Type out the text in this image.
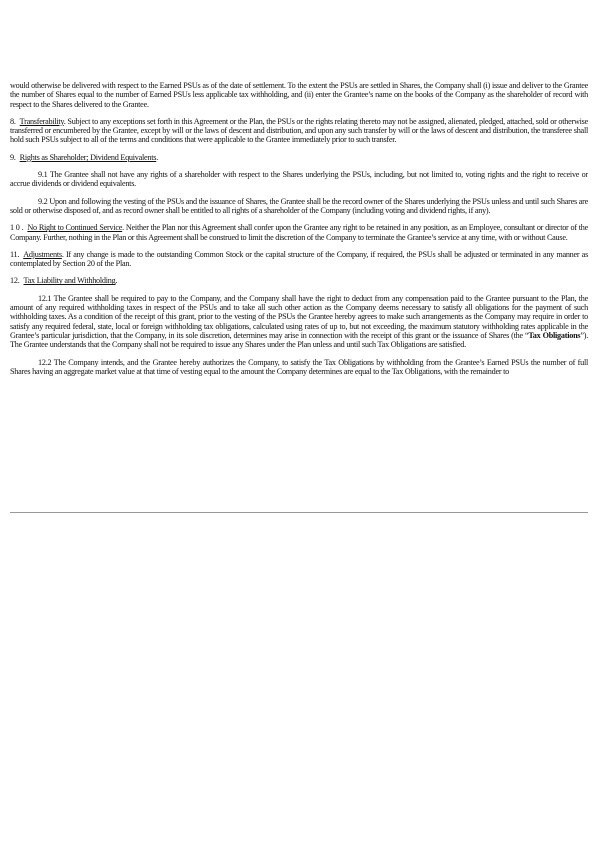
would otherwise be delivered with respect to the Earned PSUs as of the date of settlement. To the extent the PSUs are settled in Shares, the Company shall (i) issue and deliver to the Grantee the number of Shares equal to the number of Earned PSUs less applicable tax withholding, and (ii) enter the Grantee’s name on the books of the Company as the shareholder of record with respect to the Shares delivered to the Grantee.

8. Transferability. Subject to any exceptions set forth in this Agreement or the Plan, the PSUs or the rights relating thereto may not be assigned, alienated, pledged, attached, sold or otherwise transferred or encumbered by the Grantee, except by will or the laws of descent and distribution, and upon any such transfer by will or the laws of descent and distribution, the transferee shall hold such PSUs subject to all of the terms and conditions that were applicable to the Grantee immediately prior to such transfer.

9. Rights as Shareholder; Dividend Equivalents.

9.1 The Grantee shall not have any rights of a shareholder with respect to the Shares underlying the PSUs, including, but not limited to, voting rights and the right to receive or accrue dividends or dividend equivalents.

9.2 Upon and following the vesting of the PSUs and the issuance of Shares, the Grantee shall be the record owner of the Shares underlying the PSUs unless and until such Shares are sold or otherwise disposed of, and as record owner shall be entitled to all rights of a shareholder of the Company (including voting and dividend rights, if any).

1 0 . No Right to Continued Service. Neither the Plan nor this Agreement shall confer upon the Grantee any right to be retained in any position, as an Employee, consultant or director of the Company. Further, nothing in the Plan or this Agreement shall be construed to limit the discretion of the Company to terminate the Grantee’s service at any time, with or without Cause.

11. Adjustments. If any change is made to the outstanding Common Stock or the capital structure of the Company, if required, the PSUs shall be adjusted or terminated in any manner as contemplated by Section 20 of the Plan.

12. Tax Liability and Withholding.

12.1 The Grantee shall be required to pay to the Company, and the Company shall have the right to deduct from any compensation paid to the Grantee pursuant to the Plan, the amount of any required withholding taxes in respect of the PSUs and to take all such other action as the Company deems necessary to satisfy all obligations for the payment of such withholding taxes. As a condition of the receipt of this grant, prior to the vesting of the PSUs the Grantee hereby agrees to make such arrangements as the Company may require in order to satisfy any required federal, state, local or foreign withholding tax obligations, calculated using rates of up to, but not exceeding, the maximum statutory withholding rates applicable in the Grantee’s particular jurisdiction, that the Company, in its sole discretion, determines may arise in connection with the receipt of this grant or the issuance of Shares (the “Tax Obligations”). The Grantee understands that the Company shall not be required to issue any Shares under the Plan unless and until such Tax Obligations are satisfied.

12.2 The Company intends, and the Grantee hereby authorizes the Company, to satisfy the Tax Obligations by withholding from the Grantee’s Earned PSUs the number of full Shares having an aggregate market value at that time of vesting equal to the amount the Company determines are equal to the Tax Obligations, with the remainder to
